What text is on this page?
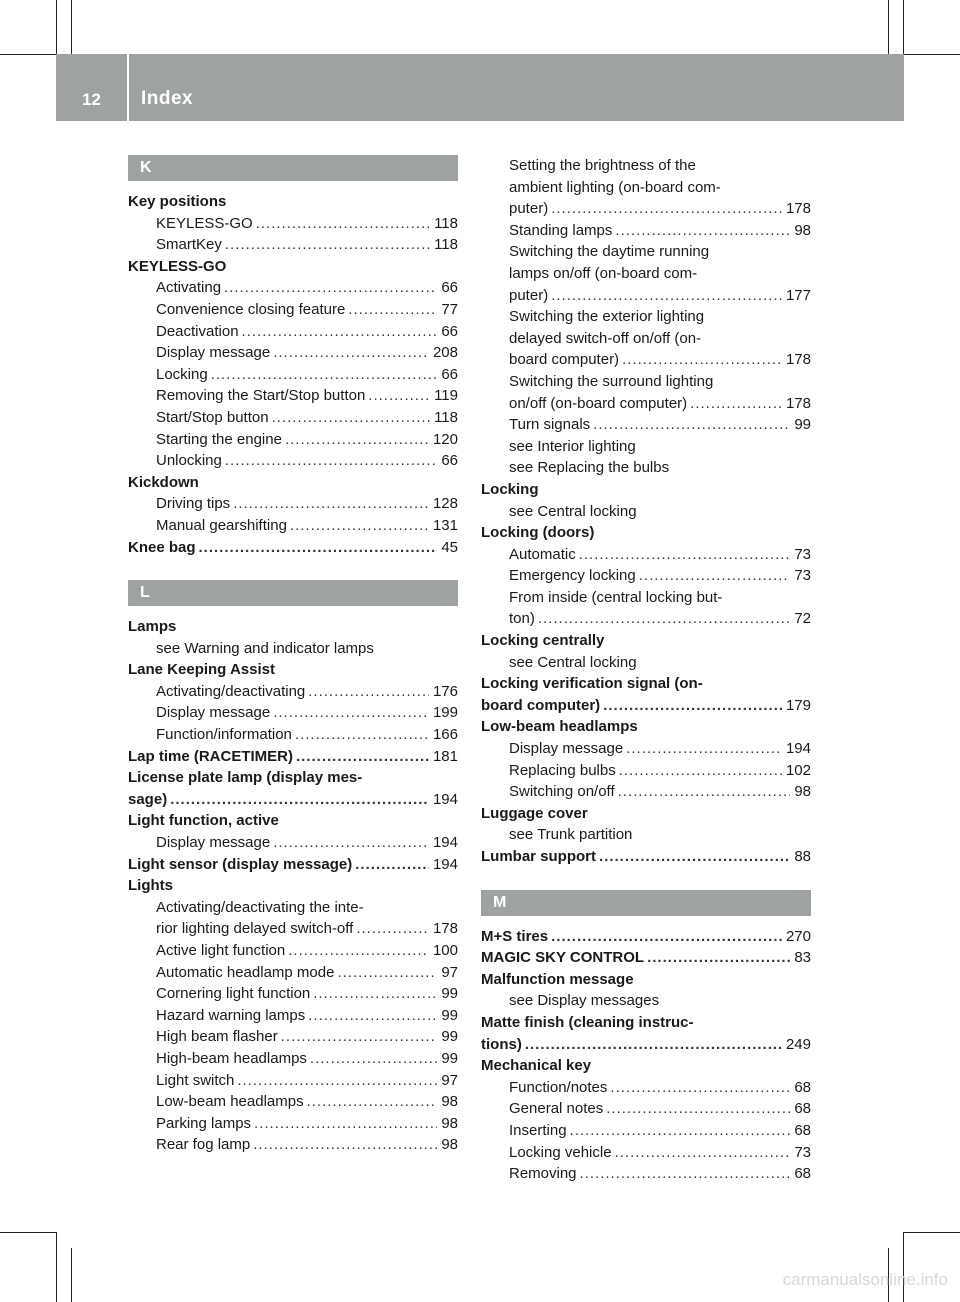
12	Index
K
Key positions
KEYLESS-GO .....	118
SmartKey .....	118
KEYLESS-GO
Activating .....	66
Convenience closing feature .....	77
Deactivation .....	66
Display message .....	208
Locking .....	66
Removing the Start/Stop button .....	119
Start/Stop button .....	118
Starting the engine .....	120
Unlocking .....	66
Kickdown
Driving tips .....	128
Manual gearshifting .....	131
Knee bag .....	45
L
Lamps
see Warning and indicator lamps
Lane Keeping Assist
Activating/deactivating .....	176
Display message .....	199
Function/information .....	166
Lap time (RACETIMER) .....	181
License plate lamp (display mes-
sage) .....	194
Light function, active
Display message .....	194
Light sensor (display message) .....	194
Lights
Activating/deactivating the inte-
rior lighting delayed switch-off .....	178
Active light function .....	100
Automatic headlamp mode .....	97
Cornering light function .....	99
Hazard warning lamps .....	99
High beam flasher .....	99
High-beam headlamps .....	99
Light switch .....	97
Low-beam headlamps .....	98
Parking lamps .....	98
Rear fog lamp .....	98
Setting the brightness of the
ambient lighting (on-board com-
puter) .....	178
Standing lamps .....	98
Switching the daytime running
lamps on/off (on-board com-
puter) .....	177
Switching the exterior lighting
delayed switch-off on/off (on-
board computer) .....	178
Switching the surround lighting
on/off (on-board computer) .....	178
Turn signals .....	99
see Interior lighting
see Replacing the bulbs
Locking
see Central locking
Locking (doors)
Automatic .....	73
Emergency locking .....	73
From inside (central locking but-
ton) .....	72
Locking centrally
see Central locking
Locking verification signal (on-
board computer) .....	179
Low-beam headlamps
Display message .....	194
Replacing bulbs .....	102
Switching on/off .....	98
Luggage cover
see Trunk partition
Lumbar support .....	88
M
M+S tires .....	270
MAGIC SKY CONTROL .....	83
Malfunction message
see Display messages
Matte finish (cleaning instruc-
tions) .....	249
Mechanical key
Function/notes .....	68
General notes .....	68
Inserting .....	68
Locking vehicle .....	73
Removing .....	68
carmanualsonline.info
